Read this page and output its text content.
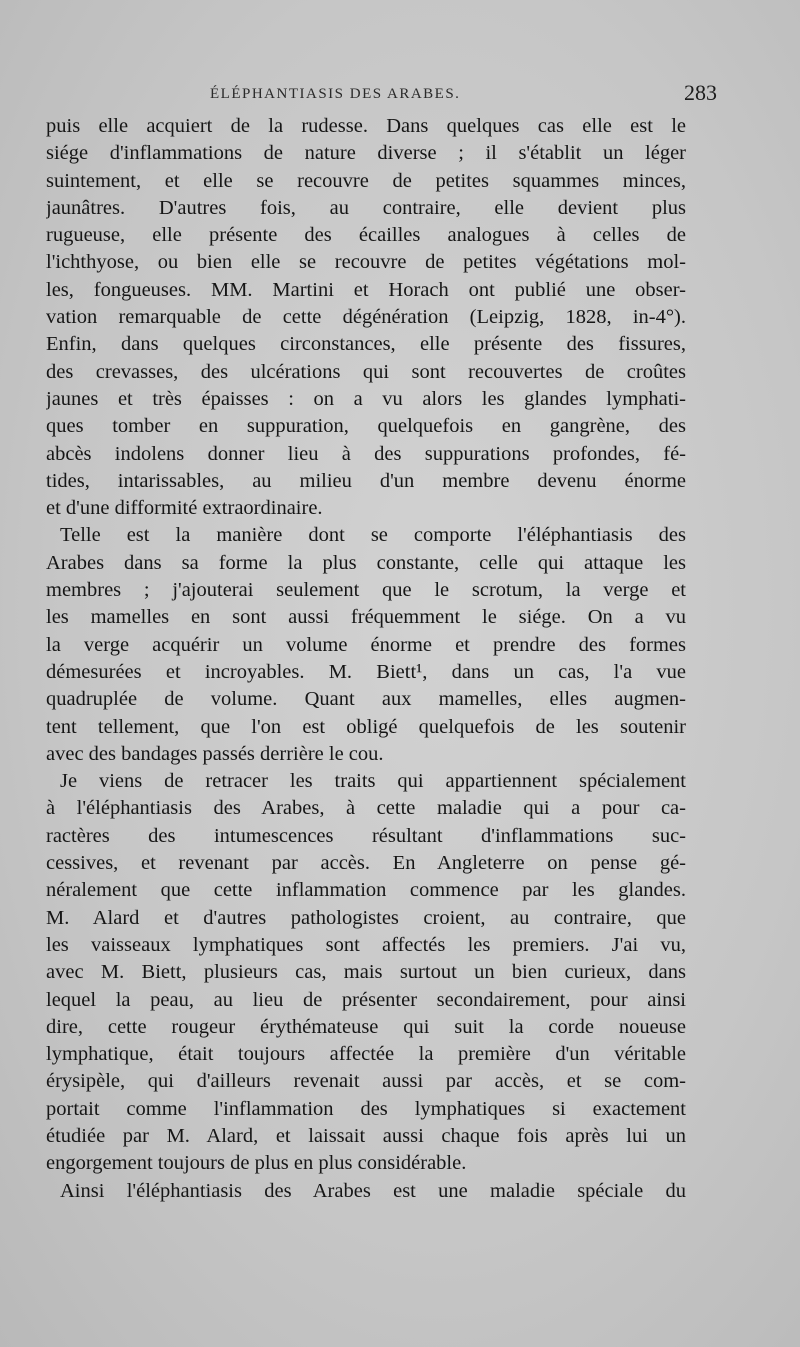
ÉLÉPHANTIASIS DES ARABES.	283
puis elle acquiert de la rudesse. Dans quelques cas elle est le
siége d'inflammations de nature diverse ; il s'établit un léger
suintement, et elle se recouvre de petites squammes minces,
jaunâtres. D'autres fois, au contraire, elle devient plus
rugueuse, elle présente des écailles analogues à celles de
l'ichthyose, ou bien elle se recouvre de petites végétations mol-
les, fongueuses. MM. Martini et Horach ont publié une obser-
vation remarquable de cette dégénération (Leipzig, 1828, in-4°).
Enfin, dans quelques circonstances, elle présente des fissures,
des crevasses, des ulcérations qui sont recouvertes de croûtes
jaunes et très épaisses : on a vu alors les glandes lymphati-
ques tomber en suppuration, quelquefois en gangrène, des
abcès indolens donner lieu à des suppurations profondes, fé-
tides, intarissables, au milieu d'un membre devenu énorme
et d'une difformité extraordinaire.
Telle est la manière dont se comporte l'éléphantiasis des
Arabes dans sa forme la plus constante, celle qui attaque les
membres ; j'ajouterai seulement que le scrotum, la verge et
les mamelles en sont aussi fréquemment le siége. On a vu
la verge acquérir un volume énorme et prendre des formes
démesurées et incroyables. M. Biett¹, dans un cas, l'a vue
quadruplée de volume. Quant aux mamelles, elles augmen-
tent tellement, que l'on est obligé quelquefois de les soutenir
avec des bandages passés derrière le cou.
Je viens de retracer les traits qui appartiennent spécialement
à l'éléphantiasis des Arabes, à cette maladie qui a pour ca-
ractères des intumescences résultant d'inflammations suc-
cessives, et revenant par accès. En Angleterre on pense gé-
néralement que cette inflammation commence par les glandes.
M. Alard et d'autres pathologistes croient, au contraire, que
les vaisseaux lymphatiques sont affectés les premiers. J'ai vu,
avec M. Biett, plusieurs cas, mais surtout un bien curieux, dans
lequel la peau, au lieu de présenter secondairement, pour ainsi
dire, cette rougeur érythémateuse qui suit la corde noueuse
lymphatique, était toujours affectée la première d'un véritable
érysipèle, qui d'ailleurs revenait aussi par accès, et se com-
portait comme l'inflammation des lymphatiques si exactement
étudiée par M. Alard, et laissait aussi chaque fois après lui un
engorgement toujours de plus en plus considérable.
Ainsi l'éléphantiasis des Arabes est une maladie spéciale du
